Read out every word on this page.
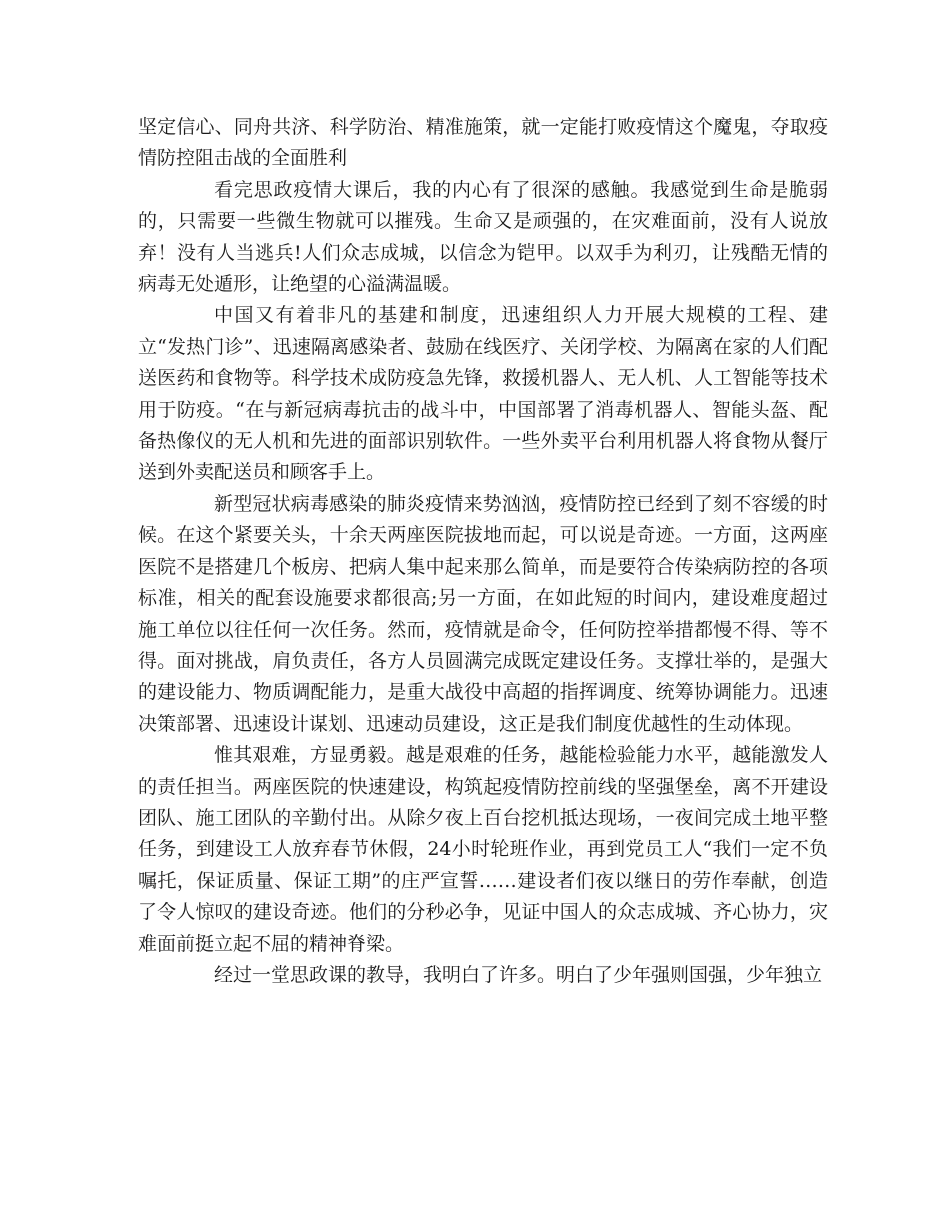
坚定信心、同舟共济、科学防治、精准施策，就一定能打败疫情这个魔鬼，夺取疫情防控阻击战的全面胜利

看完思政疫情大课后，我的内心有了很深的感触。我感觉到生命是脆弱的，只需要一些微生物就可以摧残。生命又是顽强的，在灾难面前，没有人说放弃！没有人当逃兵!人们众志成城，以信念为铠甲。以双手为利刃，让残酷无情的病毒无处遁形，让绝望的心溢满温暖。

中国又有着非凡的基建和制度，迅速组织人力开展大规模的工程、建立“发热门诊”、迅速隔离感染者、鼓励在线医疗、关闭学校、为隔离在家的人们配送医药和食物等。科学技术成防疫急先锋，救援机器人、无人机、人工智能等技术用于防疫。“在与新冠病毒抗击的战斗中，中国部署了消毒机器人、智能头盔、配备热像仪的无人机和先进的面部识别软件。一些外卖平台利用机器人将食物从餐厅送到外卖配送员和顾客手上。

新型冠状病毒感染的肺炎疫情来势汹汹，疫情防控已经到了刻不容缓的时候。在这个紧要关头，十余天两座医院拔地而起，可以说是奇迹。一方面，这两座医院不是搭建几个板房、把病人集中起来那么简单，而是要符合传染病防控的各项标准，相关的配套设施要求都很高;另一方面，在如此短的时间内，建设难度超过施工单位以往任何一次任务。然而，疫情就是命令，任何防控举措都慢不得、等不得。面对挑战，肩负责任，各方人员圆满完成既定建设任务。支撑壮举的，是强大的建设能力、物质调配能力，是重大战役中高超的指挥调度、统筹协调能力。迅速决策部署、迅速设计谋划、迅速动员建设，这正是我们制度优越性的生动体现。

惟其艰难，方显勇毅。越是艰难的任务，越能检验能力水平，越能激发人的责任担当。两座医院的快速建设，构筑起疫情防控前线的坚强堡垒，离不开建设团队、施工团队的辛勤付出。从除夕夜上百台挖机抵达现场，一夜间完成土地平整任务，到建设工人放弃春节休假，24小时轮班作业，再到党员工人“我们一定不负嘱托，保证质量、保证工期”的庄严宣誓……建设者们夜以继日的劳作奉献，创造了令人惊叹的建设奇迹。他们的分秒必争，见证中国人的众志成城、齐心协力，灾难面前挺立起不屈的精神脊梁。

经过一堂思政课的教导，我明白了许多。明白了少年强则国强，少年独立
